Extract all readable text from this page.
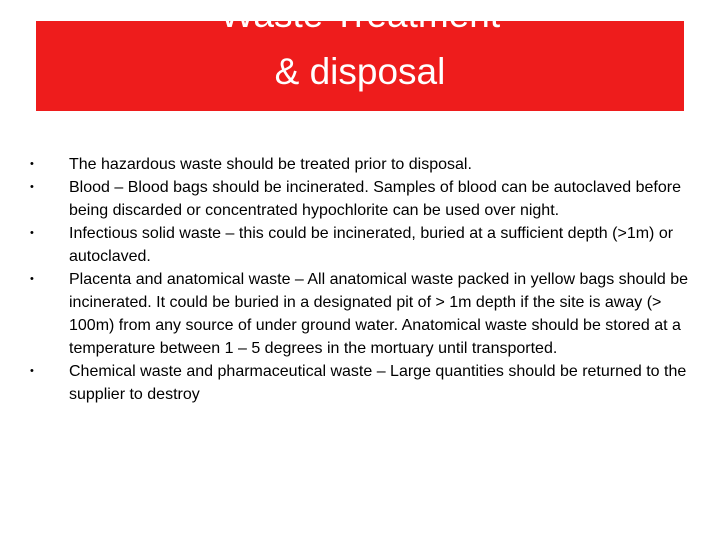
Waste Treatment
& disposal
• The hazardous waste should be treated prior to disposal.
• Blood – Blood bags should be incinerated. Samples of blood can be autoclaved before being discarded or concentrated hypochlorite can be used over night.
• Infectious solid waste – this could be incinerated, buried at a sufficient depth (>1m) or autoclaved.
• Placenta and anatomical waste – All anatomical waste packed in yellow bags should be incinerated. It could be buried in a designated pit of > 1m depth if the site is away (> 100m) from any source of under ground water. Anatomical waste should be stored at a temperature between 1 – 5 degrees in the mortuary until transported.
• Chemical waste and pharmaceutical waste – Large quantities should be returned to the supplier to destroy
